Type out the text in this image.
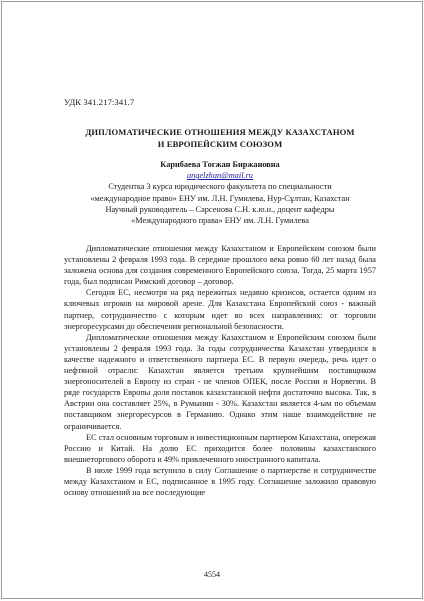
УДК 341.217:341.7
ДИПЛОМАТИЧЕСКИЕ ОТНОШЕНИЯ МЕЖДУ КАЗАХСТАНОМ
И ЕВРОПЕЙСКИМ СОЮЗОМ
Карибаева Тогжан Биржановна
angelzhan@mail.ru
Студентка 3 курса юридического факультета по специальности
«международное право» ЕНУ им. Л.Н. Гумилева, Нур-Сұлтан, Казахстан
Научный руководитель – Сарсенова С.Н. к.ю.н., доцент кафедры
«Международного права» ЕНУ им. Л.Н. Гумилева

Дипломатические отношения между Казахстаном и Европейским союзом были установлены 2 февраля 1993 года. В середине прошлого века ровно 60 лет назад была заложена основа для создания современного Европейского союза. Тогда, 25 марта 1957 года, был подписан Римский договор – договор.

Сегодня ЕС, несмотря на ряд пережитых недавно кризисов, остается одним из ключевых игроков на мировой арене. Для Казахстана Европейский союз - важный партнер, сотрудничество с которым идет во всех направлениях: от торговли энергоресурсами до обеспечения региональной безопасности.

Дипломатические отношения между Казахстаном и Европейским союзом были установлены 2 февраля 1993 года. За годы сотрудничества Казахстан утвердился в качестве надежного и ответственного партнера ЕС. В первую очередь, речь идет о нефтяной отрасли: Казахстан является третьим крупнейшим поставщиком энергоносителей в Европу из стран - не членов ОПЕК, после России и Норвегии. В ряде государств Европы доля поставок казахстанской нефти достаточно высока. Так, в Австрии она составляет 25%, в Румынии - 30%. Казахстан является 4-ым по объемам поставщиком энергоресурсов в Германию. Однако этим наше взаимодействие не ограничивается.

ЕС стал основным торговым и инвестиционным партнером Казахстана, опережая Россию и Китай. На долю ЕС приходится более половины казахстанского внешнеторгового оборота и 49% привлеченного иностранного капитала.

В июле 1999 года вступило в силу Соглашение о партнерстве и сотрудничестве между Казахстаном и ЕС, подписанное в 1995 году. Соглашение заложило правовую основу отношений на все последующие

4554
